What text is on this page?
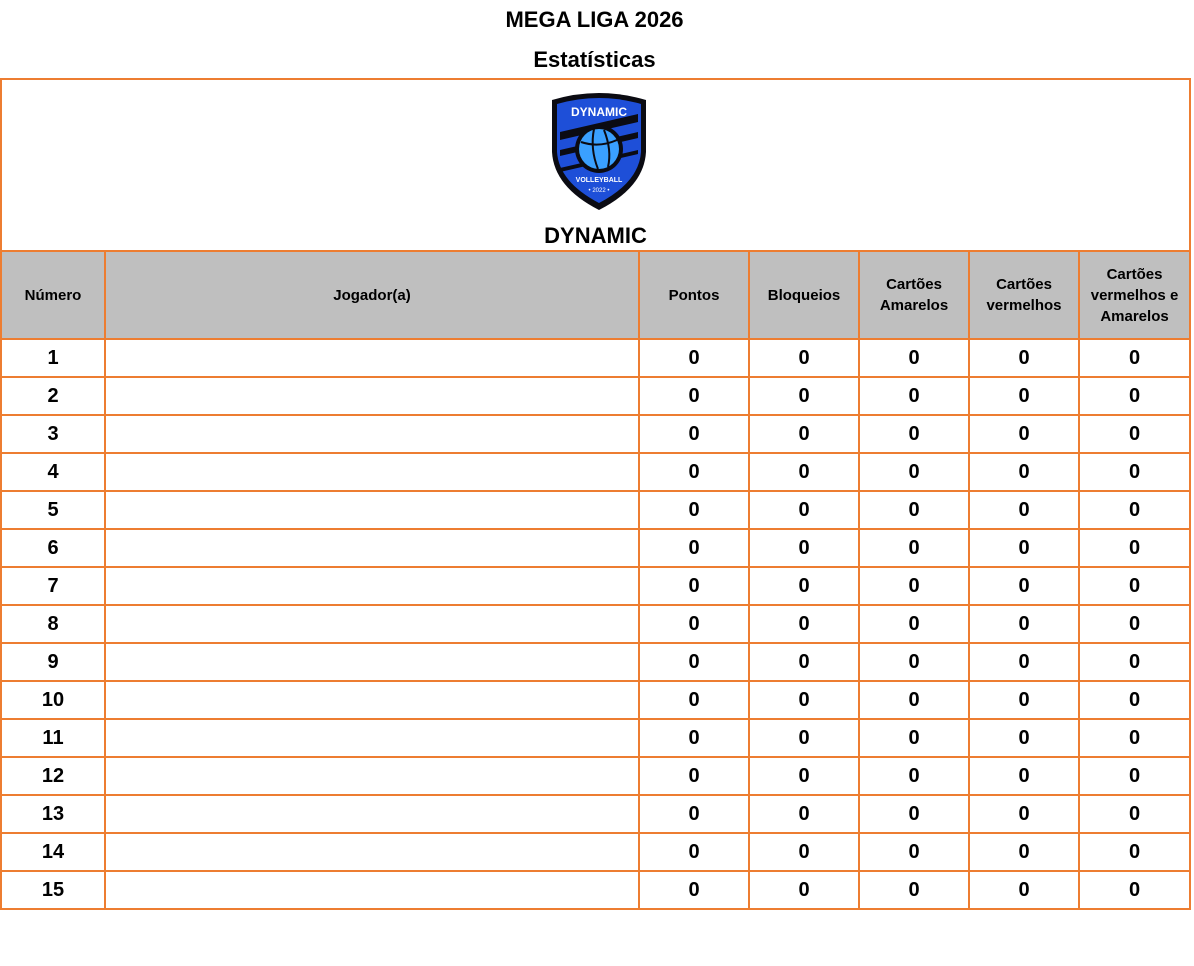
MEGA LIGA 2026
Estatísticas
DYNAMIC
VOLLEYBALL
• 2022 •
DYNAMIC						

Número	Jogador(a)	Pontos	Bloqueios	Cartões Amarelos	Cartões vermelhos	Cartões vermelhos e Amarelos
1		0	0	0	0	0
2		0	0	0	0	0
3		0	0	0	0	0
4		0	0	0	0	0
5		0	0	0	0	0
6		0	0	0	0	0
7		0	0	0	0	0
8		0	0	0	0	0
9		0	0	0	0	0
10		0	0	0	0	0
11		0	0	0	0	0
12		0	0	0	0	0
13		0	0	0	0	0
14		0	0	0	0	0
15		0	0	0	0	0
